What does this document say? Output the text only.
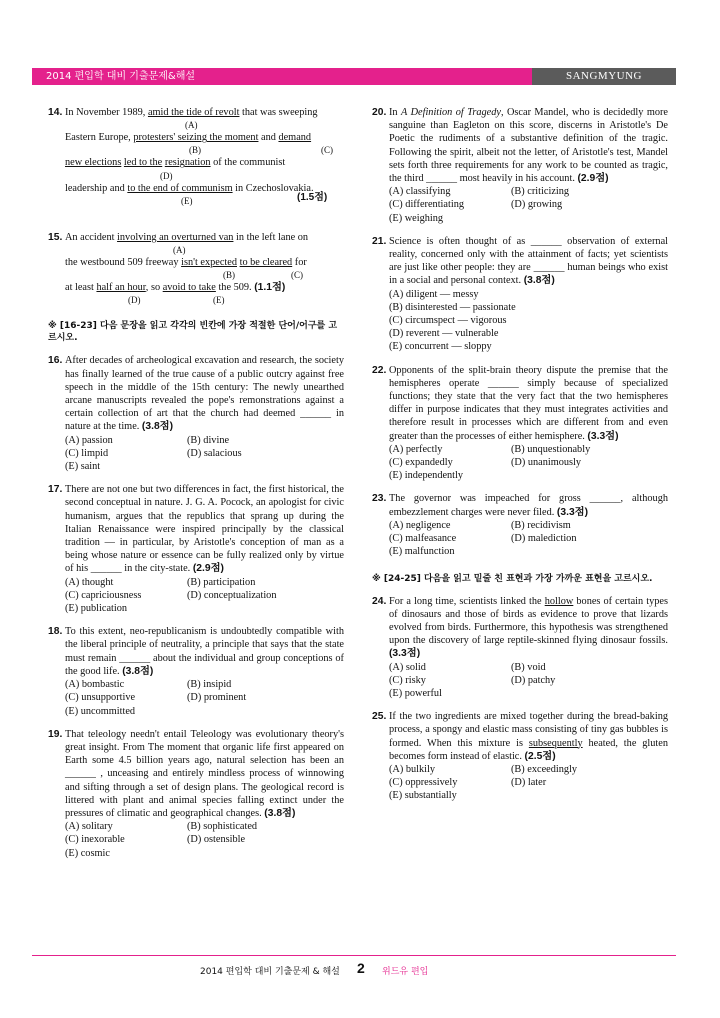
2014 편입학 대비 기출문제&해설	SANGMYUNG UNIVERSITY
14. In November 1989, amid the tide of revolt that was sweeping
(A)
Eastern Europe, protesters' seizing the moment and demand
(B)	(C)
new elections led to the resignation of the communist
(D)
leadership and to the end of communism in Czechoslovakia.
(E)	(1.5점)
15. An accident involving an overturned van in the left lane on
(A)
the westbound 509 freeway isn't expected to be cleared for
(B)	(C)
at least half an hour, so avoid to take the 509. (1.1점)
(D)	(E)
※ [16-23] 다음 문장을 읽고 각각의 빈칸에 가장 적절한 단어/어구를 고르시오.
16. After decades of archeological excavation and research, the society has finally learned of the true cause of a public outcry against free speech in the middle of the 15th century: The newly unearthed arcane manuscripts revealed the pope's remonstrations against a certain collection of art that the church had deemed ______ in nature at the time. (3.8점)
(A) passion	(B) divine
(C) limpid	(D) salacious
(E) saint
17. There are not one but two differences in fact, the first historical, the second conceptual in nature. J. G. A. Pocock, an apologist for civic humanism, argues that the republics that sprang up during the Italian Renaissance were inspired principally by the classical tradition — in particular, by Aristotle's conception of man as a being whose nature or essence can be fully realized only by virtue of his ______ in the city-state. (2.9점)
(A) thought	(B) participation
(C) capriciousness	(D) conceptualization
(E) publication
18. To this extent, neo-republicanism is undoubtedly compatible with the liberal principle of neutrality, a principle that says that the state must remain ______ about the individual and group conceptions of the good life. (3.8점)
(A) bombastic	(B) insipid
(C) unsupportive	(D) prominent
(E) uncommitted
19. That teleology needn't entail Teleology was evolutionary theory's great insight. From The moment that organic life first appeared on Earth some 4.5 billion years ago, natural selection has been an ______ , unceasing and entirely mindless process of winnowing and sifting through a set of design plans. The geological record is littered with plant and animal species falling extinct under the pressures of climatic and geographical changes. (3.8점)
(A) solitary	(B) sophisticated
(C) inexorable	(D) ostensible
(E) cosmic
20. In A Definition of Tragedy, Oscar Mandel, who is decidedly more sanguine than Eagleton on this score, discerns in Aristotle's De Poetic the rudiments of a substantive definition of the tragic. Following the spirit, albeit not the letter, of Aristotle's test, Mandel sets forth three requirements for any work to be counted as tragic, the third ______ most heavily in his account. (2.9점)
(A) classifying	(B) criticizing
(C) differentiating	(D) growing
(E) weighing
21. Science is often thought of as ______ observation of external reality, concerned only with the attainment of facts; yet scientists are just like other people: they are ______ human beings who exist in a social and personal context. (3.8점)
(A) diligent — messy
(B) disinterested — passionate
(C) circumspect — vigorous
(D) reverent — vulnerable
(E) concurrent — sloppy
22. Opponents of the split-brain theory dispute the premise that the hemispheres operate ______ simply because of specialized functions; they state that the very fact that the two hemispheres differ in purpose indicates that they must integrates activities and therefore result in processes which are different from and even greater than the processes of either hemisphere. (3.3점)
(A) perfectly	(B) unquestionably
(C) expandedly	(D) unanimously
(E) independently
23. The governor was impeached for gross ______, although embezzlement charges were never filed. (3.3점)
(A) negligence	(B) recidivism
(C) malfeasance	(D) malediction
(E) malfunction
※ [24-25] 다음을 읽고 밑줄 친 표현과 가장 가까운 표현을 고르시오.
24. For a long time, scientists linked the hollow bones of certain types of dinosaurs and those of birds as evidence to prove that lizards evolved from birds. Furthermore, this hypothesis was strengthened upon the discovery of large reptile-skinned flying dinosaur fossils. (3.3점)
(A) solid	(B) void
(C) risky	(D) patchy
(E) powerful
25. If the two ingredients are mixed together during the bread-baking process, a spongy and elastic mass consisting of tiny gas bubbles is formed. When this mixture is subsequently heated, the gluten becomes form instead of elastic. (2.5점)
(A) bulkily	(B) exceedingly
(C) oppressively	(D) later
(E) substantially
2014 편입학 대비 기출문제 & 해설 2 위드유 편입
